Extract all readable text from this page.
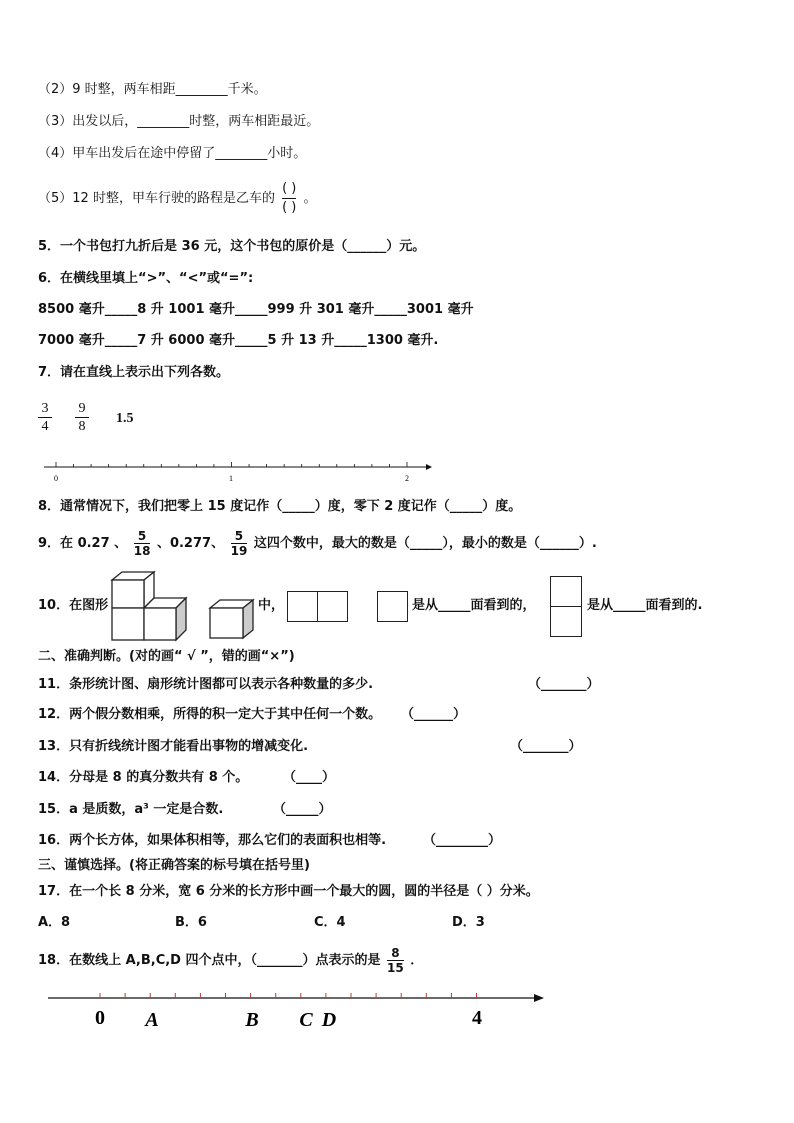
（2）9 时整，两车相距________千米。
（3）出发以后，________时整，两车相距最近。
（4）甲车出发后在途中停留了________小时。
（5）12 时整，甲车行驶的路程是乙车的 $\frac{( )}{( )}$ 。
5．一个书包打九折后是 36 元，这个书包的原价是（______）元。
6．在横线里填上“>”、“<”或“=”:
8500 毫升_____8 升 1001 毫升_____999 升 301 毫升_____3001 毫升
7000 毫升_____7 升 6000 毫升_____5 升 13 升_____1300 毫升.
7．请在直线上表示出下列各数。
$\frac{3}{4} \frac{9}{8} 1.5$
0	1	2
8．通常情况下，我们把零上 15 度记作（_____）度，零下 2 度记作（_____）度。
9．在 0.27 、 $\frac{5}{18}$ 、0.277、 $\frac{5}{19}$ 这四个数中，最大的数是（_____），最小的数是（______）.
10．在图形	中，	是从_____面看到的，	是从_____面看到的.
二、准确判断。(对的画“ √ ”，错的画“×”)
11．条形统计图、扇形统计图都可以表示各种数量的多少.	（_______）
12．两个假分数相乘，所得的积一定大于其中任何一个数。 （______）
13．只有折线统计图才能看出事物的增减变化.	（_______）
14．分母是 8 的真分数共有 8 个。	（____）
15．a 是质数，a³ 一定是合数.	（_____）
16．两个长方体，如果体积相等，那么它们的表面积也相等.	（________）
三、谨慎选择。(将正确答案的标号填在括号里)
17．在一个长 8 分米，宽 6 分米的长方形中画一个最大的圆，圆的半径是（ ）分米。
A．8	B．6	C．4	D．3
18．在数线上 A,B,C,D 四个点中，（_______）点表示的是 $\frac{8}{15}$ ．
0 A	B C D	4
